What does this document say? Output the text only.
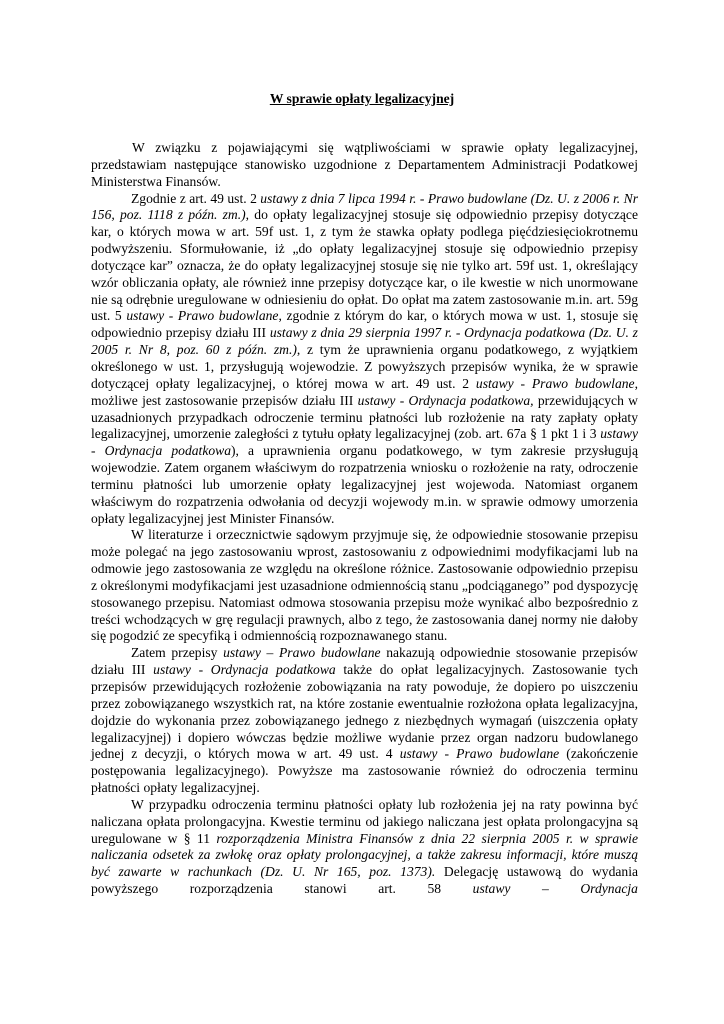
W sprawie opłaty legalizacyjnej

W związku z pojawiającymi się wątpliwościami w sprawie opłaty legalizacyjnej, przedstawiam następujące stanowisko uzgodnione z Departamentem Administracji Podatkowej Ministerstwa Finansów.

Zgodnie z art. 49 ust. 2 ustawy z dnia 7 lipca 1994 r. - Prawo budowlane (Dz. U. z 2006 r. Nr 156, poz. 1118 z późn. zm.), do opłaty legalizacyjnej stosuje się odpowiednio przepisy dotyczące kar, o których mowa w art. 59f ust. 1, z tym że stawka opłaty podlega pięćdziesięciokrotnemu podwyższeniu. Sformułowanie, iż „do opłaty legalizacyjnej stosuje się odpowiednio przepisy dotyczące kar” oznacza, że do opłaty legalizacyjnej stosuje się nie tylko art. 59f ust. 1, określający wzór obliczania opłaty, ale również inne przepisy dotyczące kar, o ile kwestie w nich unormowane nie są odrębnie uregulowane w odniesieniu do opłat. Do opłat ma zatem zastosowanie m.in. art. 59g ust. 5 ustawy - Prawo budowlane, zgodnie z którym do kar, o których mowa w ust. 1, stosuje się odpowiednio przepisy działu III ustawy z dnia 29 sierpnia 1997 r. - Ordynacja podatkowa (Dz. U. z 2005 r. Nr 8, poz. 60 z późn. zm.), z tym że uprawnienia organu podatkowego, z wyjątkiem określonego w ust. 1, przysługują wojewodzie. Z powyższych przepisów wynika, że w sprawie dotyczącej opłaty legalizacyjnej, o której mowa w art. 49 ust. 2 ustawy - Prawo budowlane, możliwe jest zastosowanie przepisów działu III ustawy - Ordynacja podatkowa, przewidujących w uzasadnionych przypadkach odroczenie terminu płatności lub rozłożenie na raty zapłaty opłaty legalizacyjnej, umorzenie zaległości z tytułu opłaty legalizacyjnej (zob. art. 67a § 1 pkt 1 i 3 ustawy - Ordynacja podatkowa), a uprawnienia organu podatkowego, w tym zakresie przysługują wojewodzie. Zatem organem właściwym do rozpatrzenia wniosku o rozłożenie na raty, odroczenie terminu płatności lub umorzenie opłaty legalizacyjnej jest wojewoda. Natomiast organem właściwym do rozpatrzenia odwołania od decyzji wojewody m.in. w sprawie odmowy umorzenia opłaty legalizacyjnej jest Minister Finansów.

W literaturze i orzecznictwie sądowym przyjmuje się, że odpowiednie stosowanie przepisu może polegać na jego zastosowaniu wprost, zastosowaniu z odpowiednimi modyfikacjami lub na odmowie jego zastosowania ze względu na określone różnice. Zastosowanie odpowiednio przepisu z określonymi modyfikacjami jest uzasadnione odmiennością stanu „podciąganego” pod dyspozycję stosowanego przepisu. Natomiast odmowa stosowania przepisu może wynikać albo bezpośrednio z treści wchodzących w grę regulacji prawnych, albo z tego, że zastosowania danej normy nie dałoby się pogodzić ze specyfiką i odmiennością rozpoznawanego stanu.

Zatem przepisy ustawy – Prawo budowlane nakazują odpowiednie stosowanie przepisów działu III ustawy - Ordynacja podatkowa także do opłat legalizacyjnych. Zastosowanie tych przepisów przewidujących rozłożenie zobowiązania na raty powoduje, że dopiero po uiszczeniu przez zobowiązanego wszystkich rat, na które zostanie ewentualnie rozłożona opłata legalizacyjna, dojdzie do wykonania przez zobowiązanego jednego z niezbędnych wymagań (uiszczenia opłaty legalizacyjnej) i dopiero wówczas będzie możliwe wydanie przez organ nadzoru budowlanego jednej z decyzji, o których mowa w art. 49 ust. 4 ustawy - Prawo budowlane (zakończenie postępowania legalizacyjnego). Powyższe ma zastosowanie również do odroczenia terminu płatności opłaty legalizacyjnej.

W przypadku odroczenia terminu płatności opłaty lub rozłożenia jej na raty powinna być naliczana opłata prolongacyjna. Kwestie terminu od jakiego naliczana jest opłata prolongacyjna są uregulowane w § 11 rozporządzenia Ministra Finansów z dnia 22 sierpnia 2005 r. w sprawie naliczania odsetek za zwłokę oraz opłaty prolongacyjnej, a także zakresu informacji, które muszą być zawarte w rachunkach (Dz. U. Nr 165, poz. 1373). Delegację ustawową do wydania powyższego rozporządzenia stanowi art. 58 ustawy – Ordynacja
